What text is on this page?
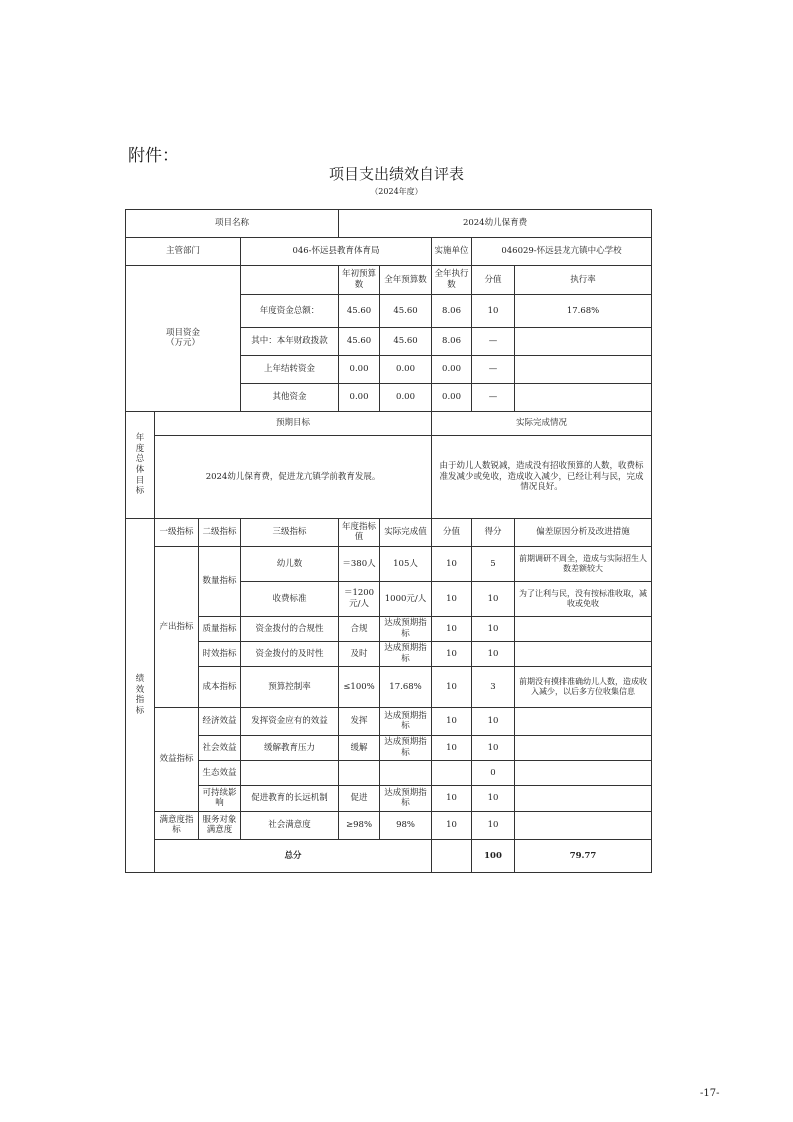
附件：
项目支出绩效自评表
（2024年度）
项目名称				2024幼儿保育费					
主管部门			046-怀远县教育体育局			实施单位	046029-怀远县龙亢镇中心学校		
项目资金
（万元）				年初预算数	全年预算数	全年执行数	分值	执行率	
			年度资金总额：	45.60	45.60	8.06	10	17.68%	
			其中：本年财政拨款	45.60	45.60	8.06	—		
			上年结转资金	0.00	0.00	0.00	—		
			其他资金	0.00	0.00	0.00	—		
年度总体目标	预期目标					实际完成情况			
	2024幼儿保育费，促进龙亢镇学前教育发展。					由于幼儿人数锐减，造成没有招收预算的人数，收费标准发减少或免收，造成收入减少，已经让利与民，完成情况良好。			
绩效指标	一级指标	二级指标	三级指标	年度指标值	实际完成值	分值	得分	偏差原因分析及改进措施	
	产出指标	数量指标	幼儿数	＝380人	105人	10	5	前期调研不周全，造成与实际招生人数差额较大	
			收费标准	＝1200元/人	1000元/人	10	10	为了让利与民，没有按标准收取，减收或免收	
		质量指标	资金拨付的合规性	合规	达成预期指标	10	10		
		时效指标	资金拨付的及时性	及时	达成预期指标	10	10		
		成本指标	预算控制率	≤100%	17.68%	10	3	前期没有摸排准确幼儿人数，造成收入减少，以后多方位收集信息	
	效益指标	经济效益	发挥资金应有的效益	发挥	达成预期指标	10	10		
		社会效益	缓解教育压力	缓解	达成预期指标	10	10		
		生态效益					0		
		可持续影响	促进教育的长远机制	促进	达成预期指标	10	10		
	满意度指标	服务对象满意度	社会满意度	≥98%	98%	10	10		
	总分						100	79.77	
-17-
